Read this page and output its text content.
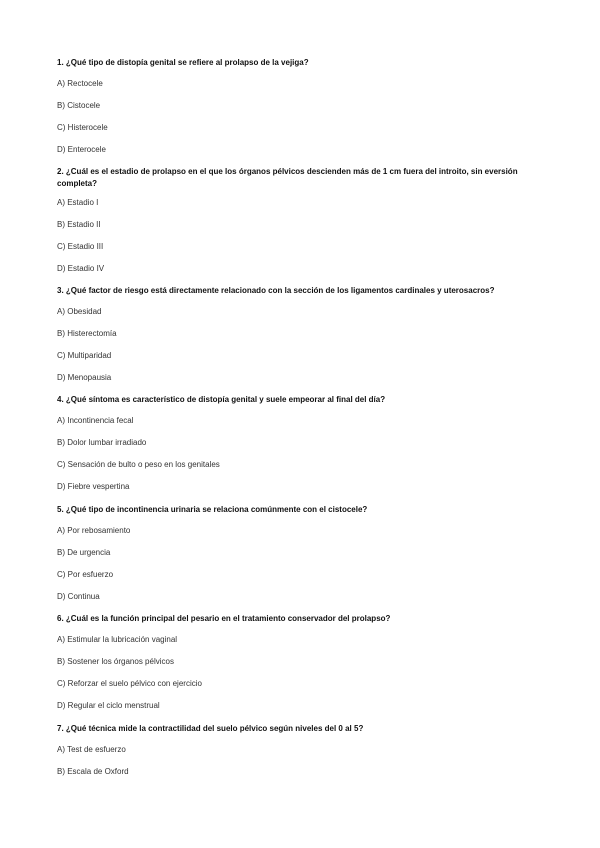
1. ¿Qué tipo de distopía genital se refiere al prolapso de la vejiga?
A) Rectocele
B) Cistocele
C) Histerocele
D) Enterocele
2. ¿Cuál es el estadio de prolapso en el que los órganos pélvicos descienden más de 1 cm fuera del introito, sin eversión completa?
A) Estadio I
B) Estadio II
C) Estadio III
D) Estadio IV
3. ¿Qué factor de riesgo está directamente relacionado con la sección de los ligamentos cardinales y uterosacros?
A) Obesidad
B) Histerectomía
C) Multiparidad
D) Menopausia
4. ¿Qué síntoma es característico de distopía genital y suele empeorar al final del día?
A) Incontinencia fecal
B) Dolor lumbar irradiado
C) Sensación de bulto o peso en los genitales
D) Fiebre vespertina
5. ¿Qué tipo de incontinencia urinaria se relaciona comúnmente con el cistocele?
A) Por rebosamiento
B) De urgencia
C) Por esfuerzo
D) Continua
6. ¿Cuál es la función principal del pesario en el tratamiento conservador del prolapso?
A) Estimular la lubricación vaginal
B) Sostener los órganos pélvicos
C) Reforzar el suelo pélvico con ejercicio
D) Regular el ciclo menstrual
7. ¿Qué técnica mide la contractilidad del suelo pélvico según niveles del 0 al 5?
A) Test de esfuerzo
B) Escala de Oxford
